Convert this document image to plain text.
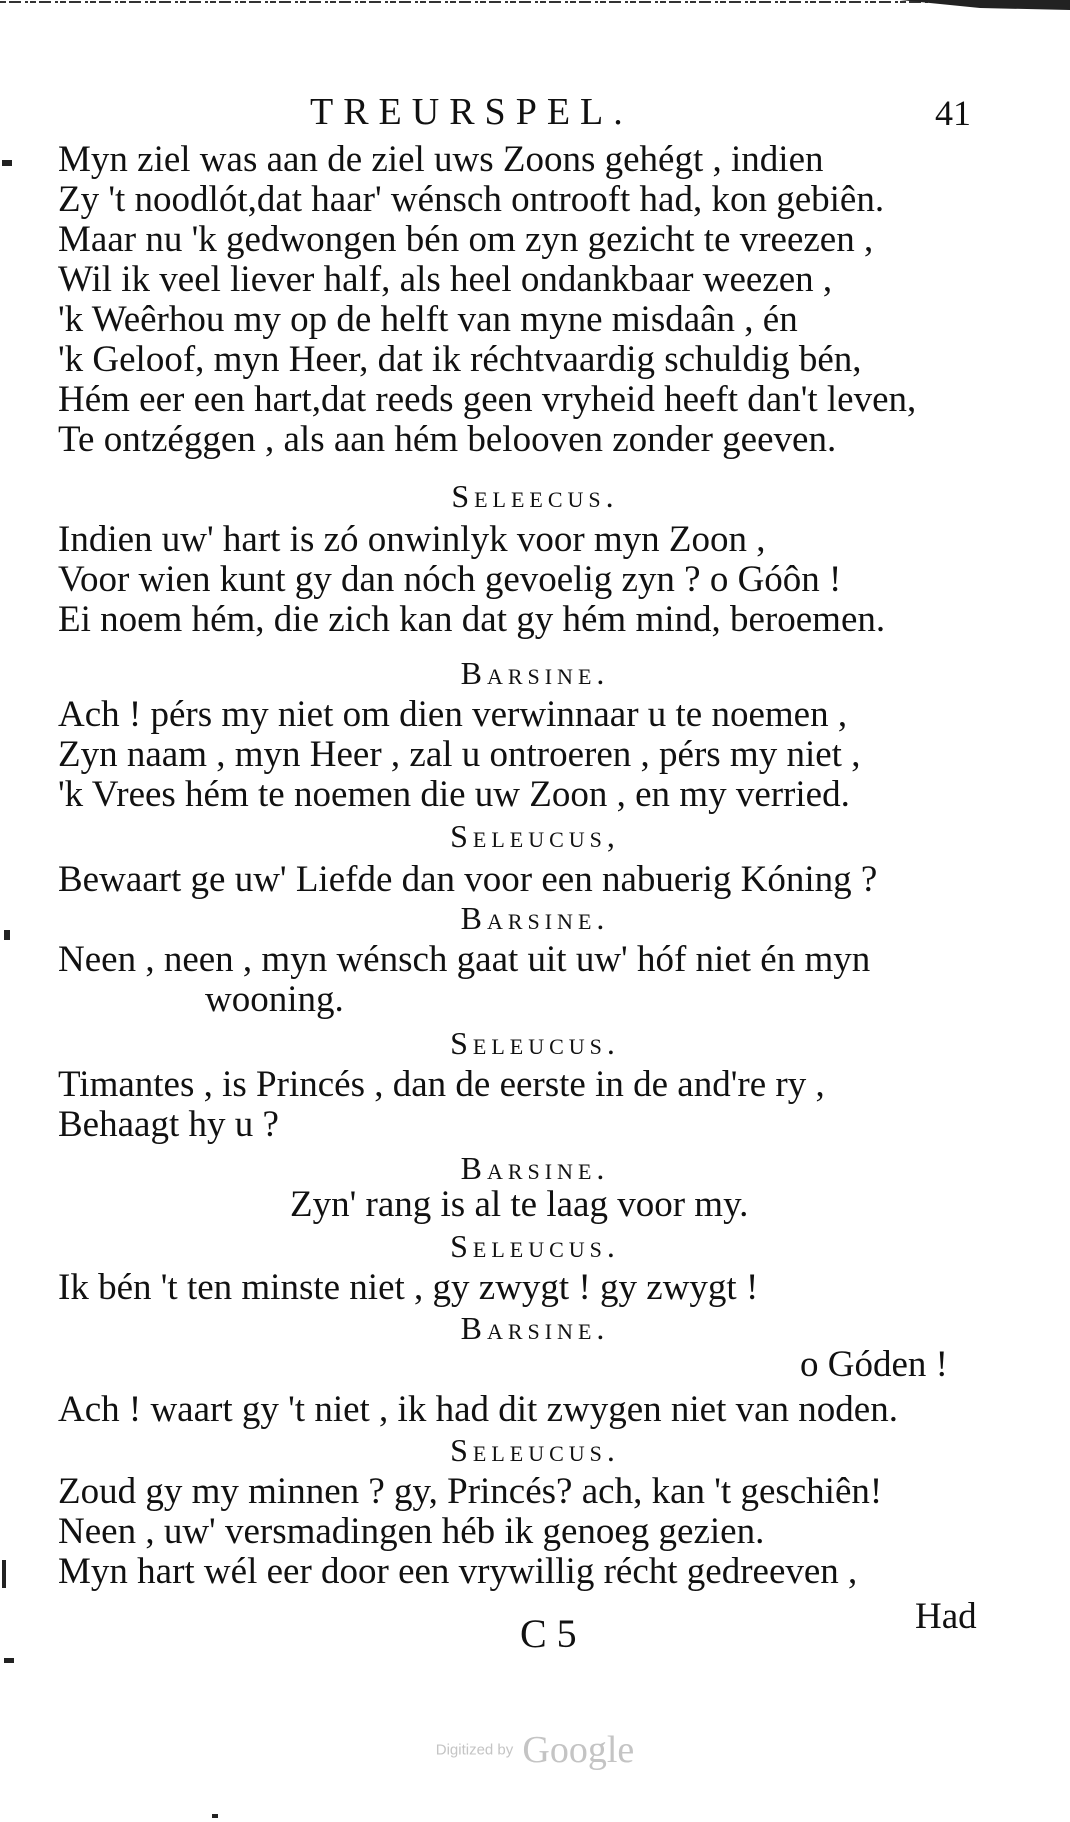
TREURSPEL.	41
Myn ziel was aan de ziel uws Zoons gehégt , indien
Zy 't noodlót,dat haar' wénsch ontrooft had, kon gebiên.
Maar nu 'k gedwongen bén om zyn gezicht te vreezen ,
Wil ik veel liever half, als heel ondankbaar weezen ,
'k Weêrhou my op de helft van myne misdaân , én
'k Geloof, myn Heer, dat ik réchtvaardig schuldig bén,
Hém eer een hart,dat reeds geen vryheid heeft dan't leven,
Te ontzéggen , als aan hém belooven zonder geeven.
Seleecus.
Indien uw' hart is zó onwinlyk voor myn Zoon ,
Voor wien kunt gy dan nóch gevoelig zyn ? o Góôn !
Ei noem hém, die zich kan dat gy hém mind, beroemen.
Barsine.
Ach ! pérs my niet om dien verwinnaar u te noemen ,
Zyn naam , myn Heer , zal u ontroeren , pérs my niet ,
'k Vrees hém te noemen die uw Zoon , en my verried.
Seleucus,
Bewaart ge uw' Liefde dan voor een nabuerig Kóning ?
Barsine.
Neen , neen , myn wénsch gaat uit uw' hóf niet én myn
wooning.
Seleucus.
Timantes , is Princés , dan de eerste in de and're ry ,
Behaagt hy u ?
Barsine.
Zyn' rang is al te laag voor my.
Seleucus.
Ik bén 't ten minste niet , gy zwygt ! gy zwygt !
Barsine.
o Góden !
Ach ! waart gy 't niet , ik had dit zwygen niet van noden.
Seleucus.
Zoud gy my minnen ? gy, Princés? ach, kan 't geschiên!
Neen , uw' versmadingen héb ik genoeg gezien.
Myn hart wél eer door een vrywillig récht gedreeven ,
Had
C 5
Digitized by Google
